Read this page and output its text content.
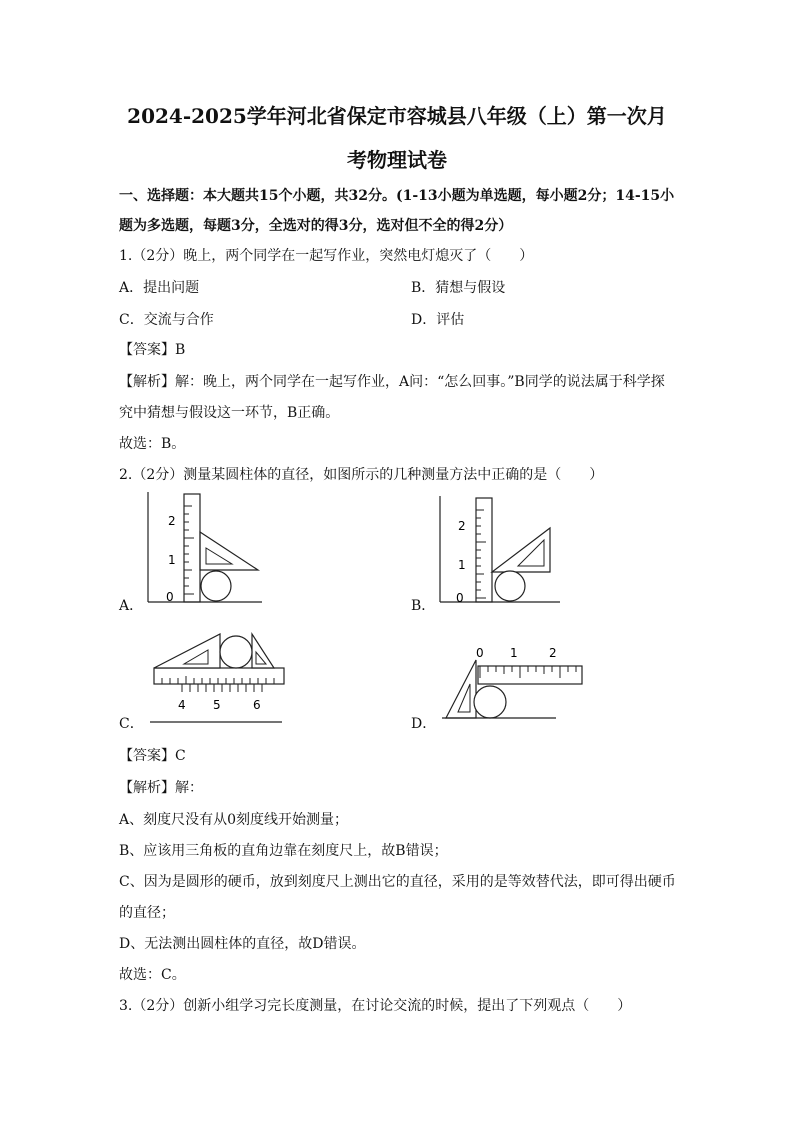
2024-2025学年河北省保定市容城县八年级（上）第一次月
考物理试卷
一、选择题：本大题共15个小题，共32分。(1-13小题为单选题，每小题2分；14-15小
题为多选题，每题3分，全选对的得3分，选对但不全的得2分）
1.（2分）晚上，两个同学在一起写作业，突然电灯熄灭了（　　）
A．提出问题	B．猜想与假设
C．交流与合作	D．评估
【答案】B
【解析】解：晚上，两个同学在一起写作业，A问：“怎么回事。”B同学的说法属于科学探
究中猜想与假设这一环节，B正确。
故选：B。
2.（2分）测量某圆柱体的直径，如图所示的几种测量方法中正确的是（　　）
A．
2
1
0
B．
2
1
0
C．
4 5	6
D．
0 1	2
【答案】C
【解析】解：
A、刻度尺没有从0刻度线开始测量；
B、应该用三角板的直角边靠在刻度尺上，故B错误；
C、因为是圆形的硬币，放到刻度尺上测出它的直径，采用的是等效替代法，即可得出硬币
的直径；
D、无法测出圆柱体的直径，故D错误。
故选：C。
3.（2分）创新小组学习完长度测量，在讨论交流的时候，提出了下列观点（　　）
